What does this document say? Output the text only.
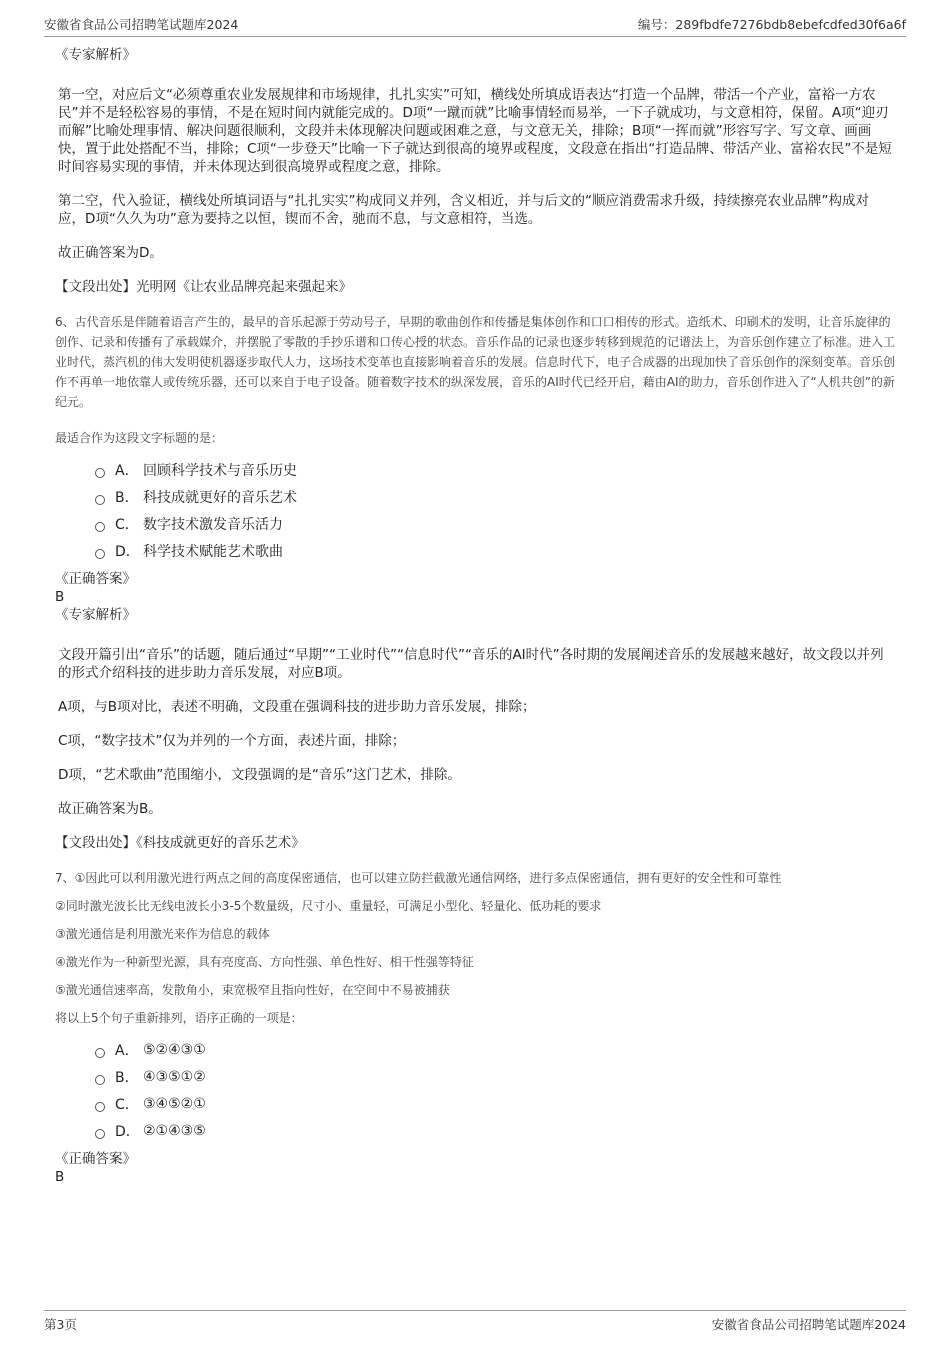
安徽省食品公司招聘笔试题库2024	编号：289fbdfe7276bdb8ebefcdfed30f6a6f

《专家解析》

第一空，对应后文“必须尊重农业发展规律和市场规律，扎扎实实”可知，横线处所填成语表达“打造一个品牌，带活一个产业，富裕一方农民”并不是轻松容易的事情，不是在短时间内就能完成的。D项“一蹴而就”比喻事情轻而易举，一下子就成功，与文意相符，保留。A项“迎刃而解”比喻处理事情、解决问题很顺利，文段并未体现解决问题或困难之意，与文意无关，排除；B项“一挥而就”形容写字、写文章、画画快，置于此处搭配不当，排除；C项“一步登天”比喻一下子就达到很高的境界或程度，文段意在指出“打造品牌、带活产业、富裕农民”不是短时间容易实现的事情，并未体现达到很高境界或程度之意，排除。

第二空，代入验证，横线处所填词语与“扎扎实实”构成同义并列，含义相近，并与后文的“顺应消费需求升级，持续擦亮农业品牌”构成对应，D项“久久为功”意为要持之以恒，锲而不舍，驰而不息，与文意相符，当选。

故正确答案为D。

【文段出处】光明网《让农业品牌亮起来强起来》

6、古代音乐是伴随着语言产生的，最早的音乐起源于劳动号子，早期的歌曲创作和传播是集体创作和口口相传的形式。造纸术、印刷术的发明，让音乐旋律的创作、记录和传播有了承载媒介，并摆脱了零散的手抄乐谱和口传心授的状态。音乐作品的记录也逐步转移到规范的记谱法上，为音乐创作建立了标准。进入工业时代，蒸汽机的伟大发明使机器逐步取代人力，这场技术变革也直接影响着音乐的发展。信息时代下，电子合成器的出现加快了音乐创作的深刻变革。音乐创作不再单一地依靠人或传统乐器，还可以来自于电子设备。随着数字技术的纵深发展，音乐的AI时代已经开启，藉由AI的助力，音乐创作进入了“人机共创”的新纪元。

最适合作为这段文字标题的是：

A． 回顾科学技术与音乐历史
B． 科技成就更好的音乐艺术
C． 数字技术激发音乐活力
D． 科学技术赋能艺术歌曲

《正确答案》

B

《专家解析》

文段开篇引出“音乐”的话题，随后通过“早期”“工业时代”“信息时代”“音乐的AI时代”各时期的发展阐述音乐的发展越来越好，故文段以并列的形式介绍科技的进步助力音乐发展，对应B项。

A项，与B项对比，表述不明确，文段重在强调科技的进步助力音乐发展，排除；

C项，“数字技术”仅为并列的一个方面，表述片面，排除；

D项，“艺术歌曲”范围缩小，文段强调的是“音乐”这门艺术，排除。

故正确答案为B。

【文段出处】《科技成就更好的音乐艺术》

7、①因此可以利用激光进行两点之间的高度保密通信，也可以建立防拦截激光通信网络，进行多点保密通信，拥有更好的安全性和可靠性

②同时激光波长比无线电波长小3-5个数量级，尺寸小、重量轻，可满足小型化、轻量化、低功耗的要求

③激光通信是利用激光来作为信息的载体

④激光作为一种新型光源，具有亮度高、方向性强、单色性好、相干性强等特征

⑤激光通信速率高，发散角小，束宽极窄且指向性好，在空间中不易被捕获

将以上5个句子重新排列，语序正确的一项是：

A． ⑤②④③①
B． ④③⑤①②
C． ③④⑤②①
D． ②①④③⑤

《正确答案》

B

第3页	安徽省食品公司招聘笔试题库2024
